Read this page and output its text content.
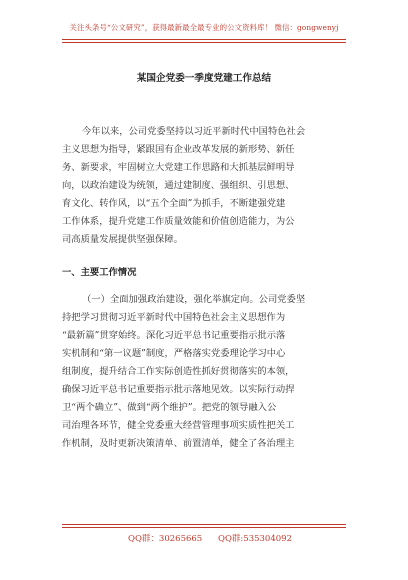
关注头条号“公文研究”，获得最新最全最专业的公文资料库！ 微信：gongwenyj
某国企党委一季度党建工作总结
今年以来，公司党委坚持以习近平新时代中国特色社会
主义思想为指导，紧跟国有企业改革发展的新形势、新任
务、新要求，牢固树立大党建工作思路和大抓基层鲜明导
向，以政治建设为统领，通过建制度、强组织、引思想、
育文化、转作风，以“五个全面”为抓手，不断建强党建
工作体系，提升党建工作质量效能和价值创造能力，为公
司高质量发展提供坚强保障。
一、主要工作情况
（一）全面加强政治建设，强化举旗定向。公司党委坚
持把学习贯彻习近平新时代中国特色社会主义思想作为
“最新篇”贯穿始终。深化习近平总书记重要指示批示落
实机制和“第一议题”制度，严格落实党委理论学习中心
组制度，提升结合工作实际创造性抓好贯彻落实的本领，
确保习近平总书记重要指示批示落地见效。以实际行动捍
卫“两个确立”、做到“两个维护”。把党的领导融入公
司治理各环节，健全党委重大经营管理事项实质性把关工
作机制，及时更新决策清单、前置清单，健全了各治理主
QQ群：30265665 QQ群:535304092
